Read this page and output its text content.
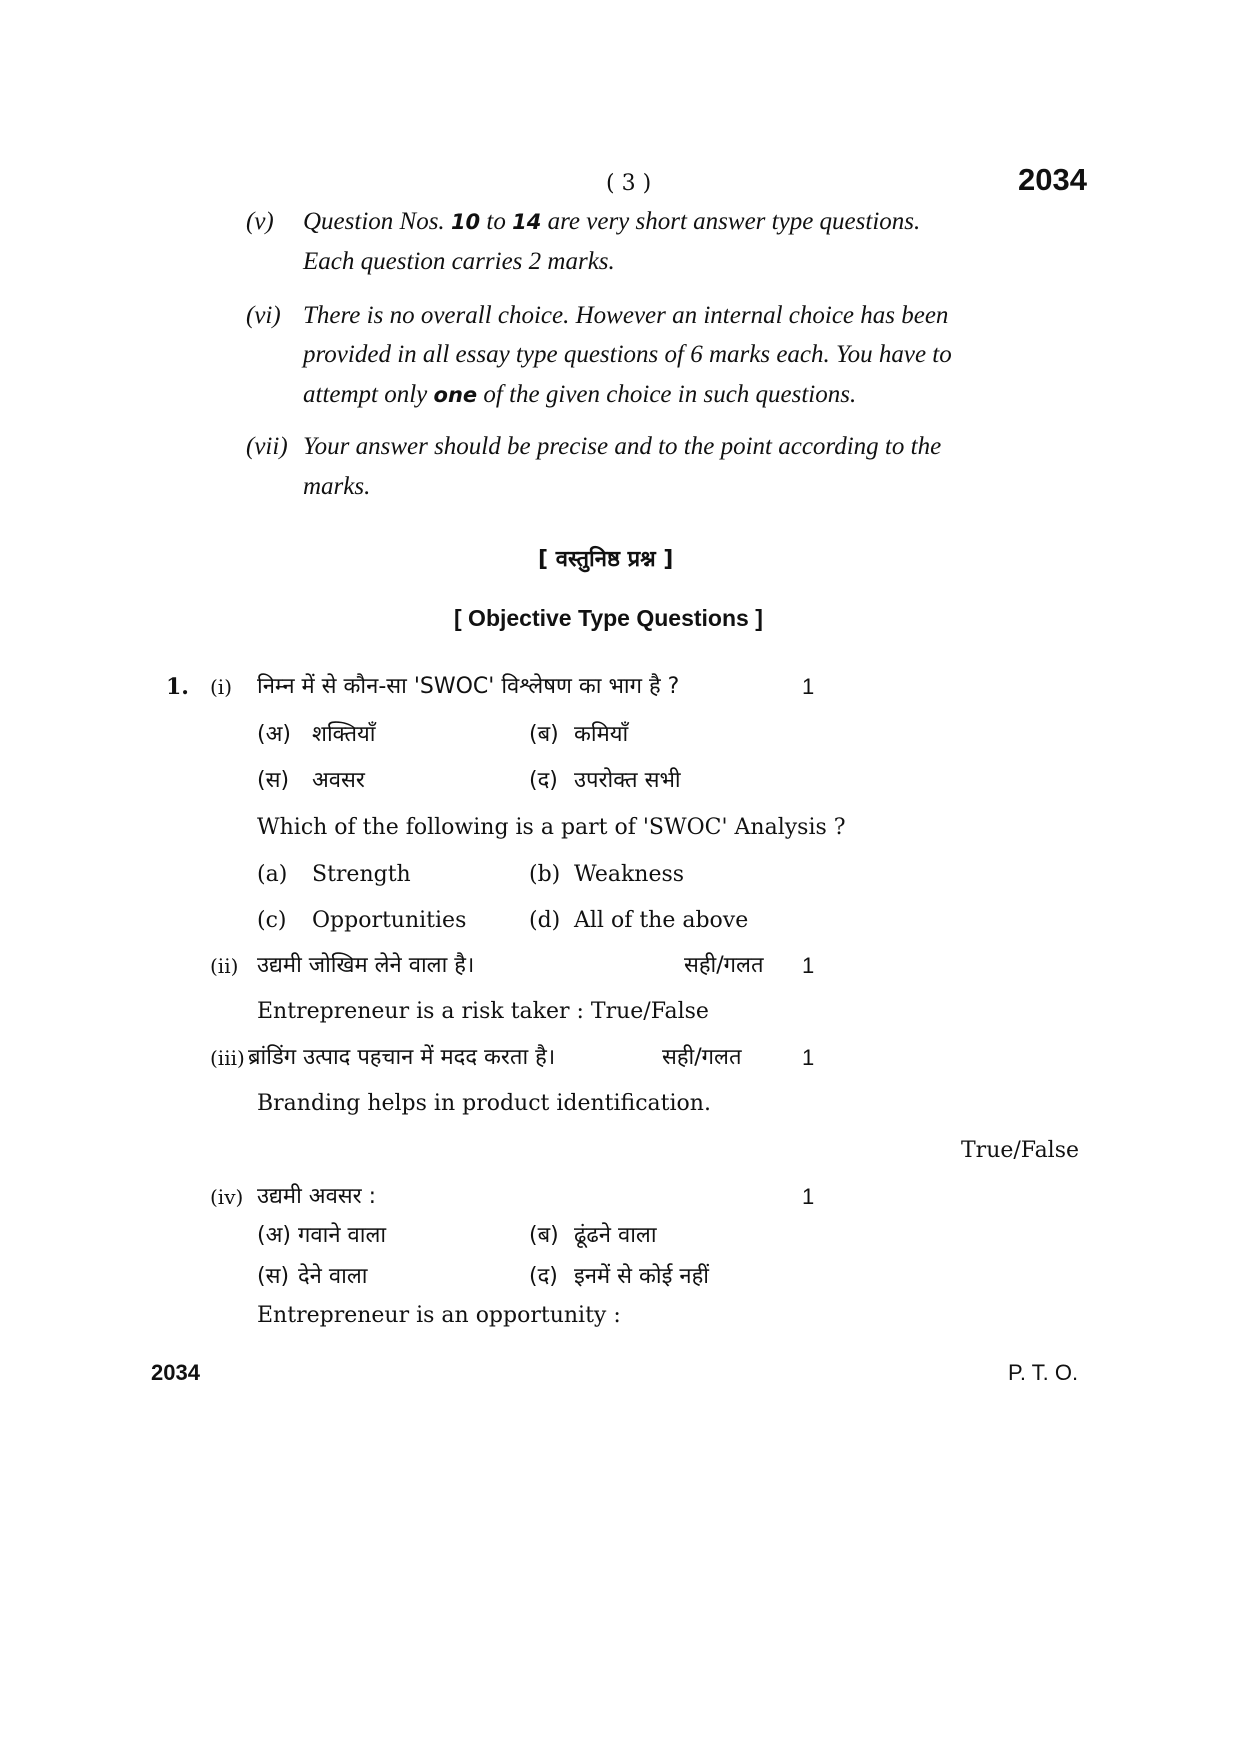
( 3 )	2034
(v) Question Nos. 10 to 14 are very short answer type questions.
Each question carries 2 marks.
(vi) There is no overall choice. However an internal choice has been
provided in all essay type questions of 6 marks each. You have to
attempt only one of the given choice in such questions.
(vii) Your answer should be precise and to the point according to the
marks.
[ वस्तुनिष्ठ प्रश्न ]
[ Objective Type Questions ]
1. (i) निम्न में से कौन-सा 'SWOC' विश्लेषण का भाग है ?	1
(अ) शक्तियाँ	(ब) कमियाँ
(स) अवसर	(द) उपरोक्त सभी
Which of the following is a part of 'SWOC' Analysis ?
(a) Strength	(b) Weakness
(c) Opportunities	(d) All of the above
(ii) उद्यमी जोखिम लेने वाला है।	सही/गलत 1
Entrepreneur is a risk taker : True/False
(iii) ब्रांडिंग उत्पाद पहचान में मदद करता है।	सही/गलत	1
Branding helps in product identification.
True/False
(iv) उद्यमी अवसर :	1
(अ) गवाने वाला	(ब) ढूंढने वाला
(स) देने वाला	(द) इनमें से कोई नहीं
Entrepreneur is an opportunity :
2034	P. T. O.
